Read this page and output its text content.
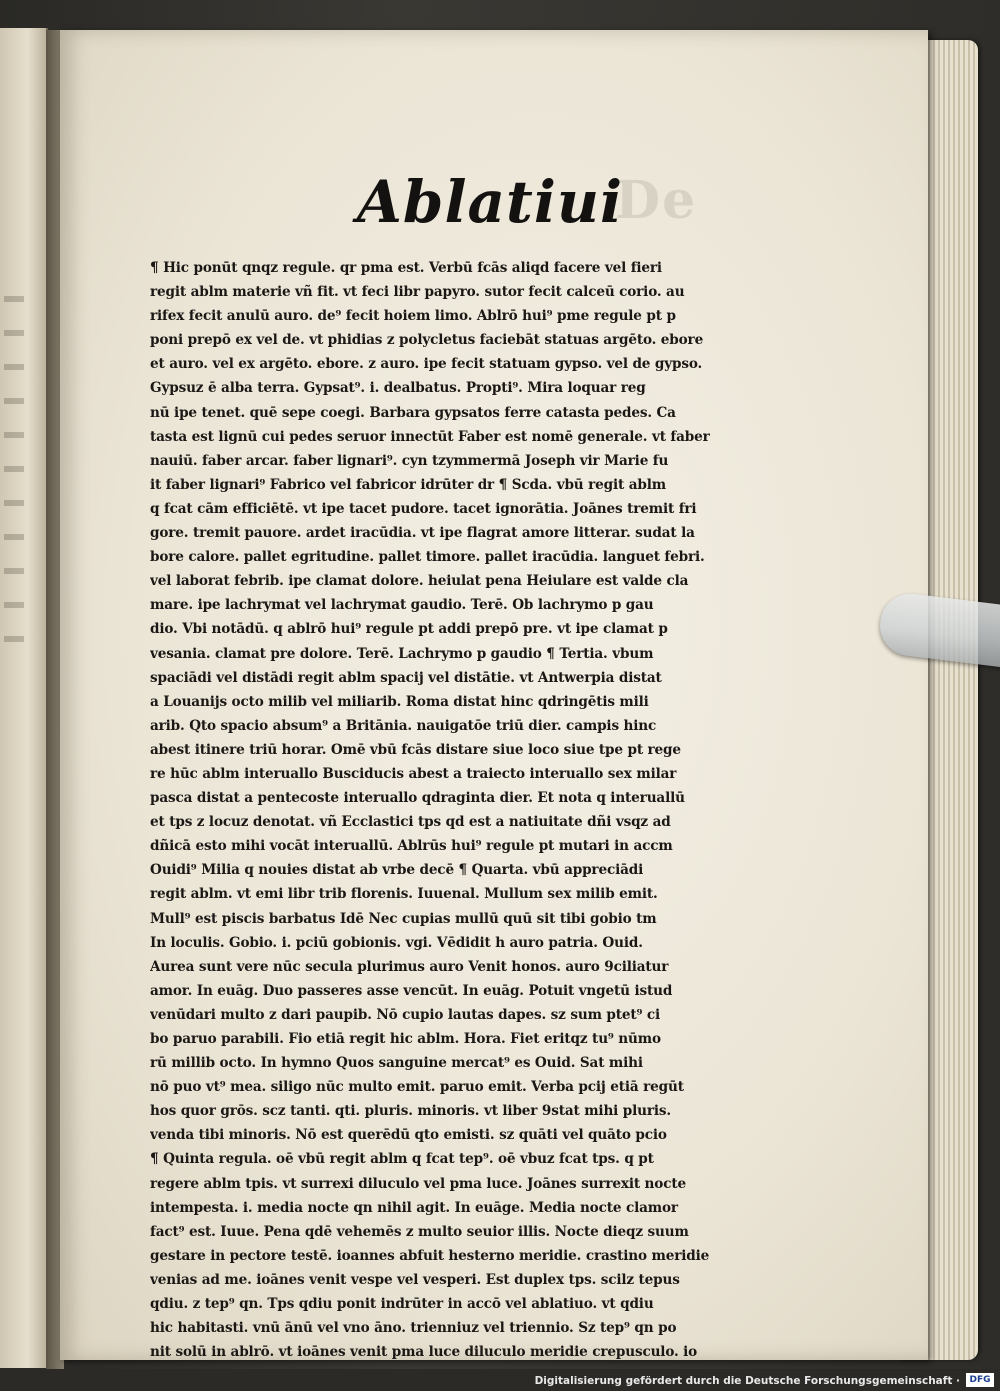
De
Ablatiui
¶ Hic ponūt qnqz regule. qr pma est. Verbū fcās aliqd facere vel fieri
regit ablm materie vñ fit. vt feci libr papyro. sutor fecit calceū corio. au
rifex fecit anulū auro. de⁹ fecit hoiem limo. Ablrō hui⁹ pme regule pt p
poni prepō ex vel de. vt phidias z polycletus faciebāt statuas argēto. ebore
et auro. vel ex argēto. ebore. z auro. ipe fecit statuam gypso. vel de gypso.
Gypsuz ē alba terra. Gypsat⁹. i. dealbatus. Propti⁹. Mira loquar reg
nū ipe tenet. quē sepe coegi. Barbara gypsatos ferre catasta pedes. Ca
tasta est lignū cui pedes seruor innectūt Faber est nomē generale. vt faber
nauiū. faber arcar. faber lignari⁹. cyn tzymmermā Joseph vir Marie fu
it faber lignari⁹ Fabrico vel fabricor idrūter dr ¶ Scda. vbū regit ablm
q fcat cām efficiētē. vt ipe tacet pudore. tacet ignorātia. Joānes tremit fri
gore. tremit pauore. ardet iracūdia. vt ipe flagrat amore litterar. sudat la
bore calore. pallet egritudine. pallet timore. pallet iracūdia. languet febri.
vel laborat febrib. ipe clamat dolore. heiulat pena Heiulare est valde cla
mare. ipe lachrymat vel lachrymat gaudio. Terē. Ob lachrymo p gau
dio. Vbi notādū. q ablrō hui⁹ regule pt addi prepō pre. vt ipe clamat p
vesania. clamat pre dolore. Terē. Lachrymo p gaudio ¶ Tertia. vbum
spaciādi vel distādi regit ablm spacij vel distātie. vt Antwerpia distat
a Louanijs octo milib vel miliarib. Roma distat hinc qdringētis mili
arib. Qto spacio absum⁹ a Britānia. nauigatōe triū dier. campis hinc
abest itinere triū horar. Omē vbū fcās distare siue loco siue tpe pt rege
re hūc ablm interuallo Busciducis abest a traiecto interuallo sex milar
pasca distat a pentecoste interuallo qdraginta dier. Et nota q interuallū
et tps z locuz denotat. vñ Ecclastici tps qd est a natiuitate dñi vsqz ad
dñicā esto mihi vocāt interuallū. Ablrūs hui⁹ regule pt mutari in accm
Ouidi⁹ Milia q nouies distat ab vrbe decē ¶ Quarta. vbū appreciādi
regit ablm. vt emi libr trib florenis. Iuuenal. Mullum sex milib emit.
Mull⁹ est piscis barbatus Idē Nec cupias mullū quū sit tibi gobio tm
In loculis. Gobio. i. pciū gobionis. vgi. Vēdidit h auro patria. Ouid.
Aurea sunt vere nūc secula plurimus auro Venit honos. auro 9ciliatur
amor. In euāg. Duo passeres asse vencūt. In euāg. Potuit vngetū istud
venūdari multo z dari paupib. Nō cupio lautas dapes. sz sum ptet⁹ ci
bo paruo parabili. Fio etiā regit hic ablm. Hora. Fiet eritqz tu⁹ nūmo
rū millib octo. In hymno Quos sanguine mercat⁹ es Ouid. Sat mihi
nō puo vt⁹ mea. siligo nūc multo emit. paruo emit. Verba pcij etiā regūt
hos quor grōs. scz tanti. qti. pluris. minoris. vt liber 9stat mihi pluris.
venda tibi minoris. Nō est querēdū qto emisti. sz quāti vel quāto pcio
¶ Quinta regula. oē vbū regit ablm q fcat tep⁹. oē vbuz fcat tps. q pt
regere ablm tpis. vt surrexi diluculo vel pma luce. Joānes surrexit nocte
intempesta. i. media nocte qn nihil agit. In euāge. Media nocte clamor
fact⁹ est. Iuue. Pena qdē vehemēs z multo seuior illis. Nocte dieqz suum
gestare in pectore testē. ioannes abfuit hesterno meridie. crastino meridie
venias ad me. ioānes venit vespe vel vesperi. Est duplex tps. scilz tepus
qdiu. z tep⁹ qn. Tps qdiu ponit indrūter in accō vel ablatiuo. vt qdiu
hic habitasti. vnū ānū vel vno āno. trienniuz vel triennio. Sz tep⁹ qn po
nit solū in ablrō. vt ioānes venit pma luce diluculo meridie crepusculo. io
Digitalisierung gefördert durch die Deutsche Forschungsgemeinschaft ·	DFG
